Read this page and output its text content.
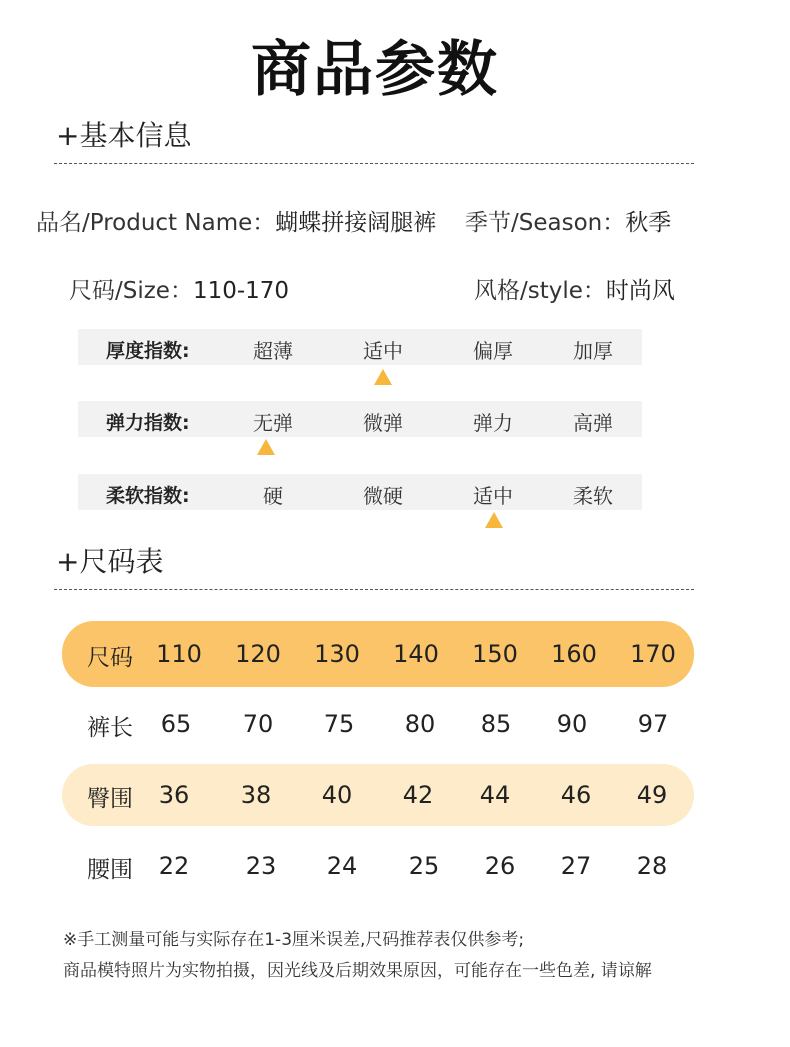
商品参数
+基本信息
品名/Product Name：蝴蝶拼接阔腿裤 季节/Season：秋季
尺码/Size：110-170	风格/style：时尚风
厚度指数:	超薄	适中	偏厚	加厚
弹力指数:	无弹	微弹	弹力	高弹
柔软指数:	硬	微硬	适中	柔软
+尺码表
尺码 110	120	130	140	150	160	170
裤长	65	70	75	80	85	90	97
臀围	36	38	40	42	44	46	49
腰围	22	23	24	25	26	27	28
※手工测量可能与实际存在1-3厘米误差,尺码推荐表仅供参考;
商品模特照片为实物拍摄，因光线及后期效果原因，可能存在一些色差, 请谅解
